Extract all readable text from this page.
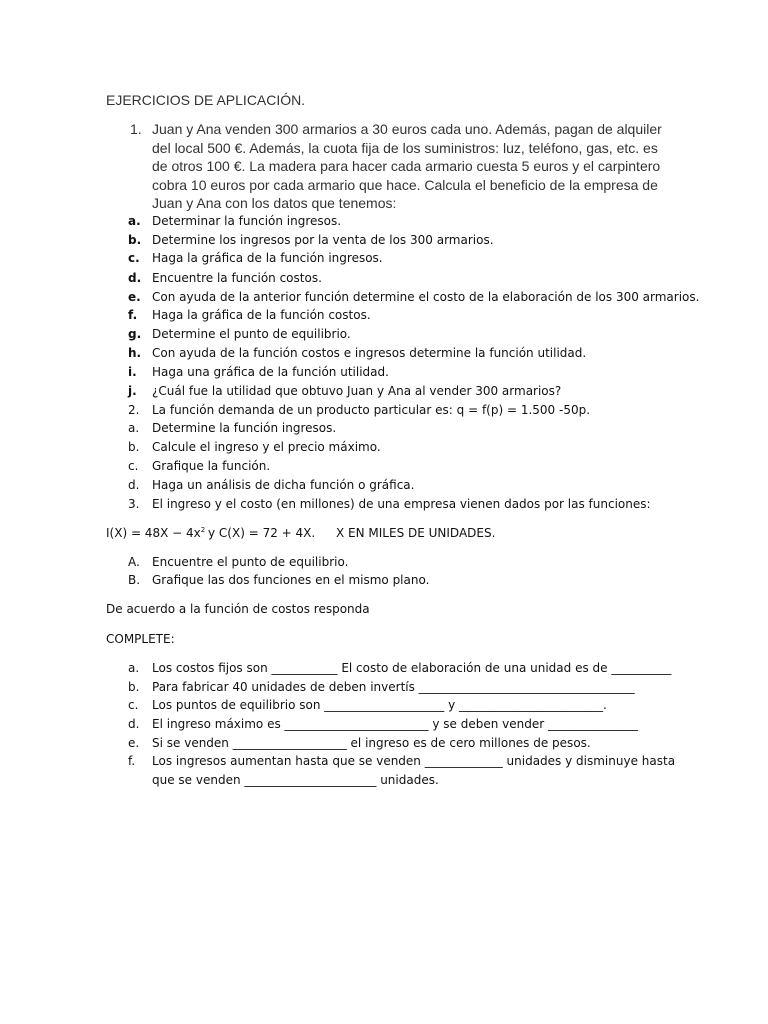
EJERCICIOS DE APLICACIÓN.
1. Juan y Ana venden 300 armarios a 30 euros cada uno. Además, pagan de alquiler del local 500 €. Además, la cuota fija de los suministros: luz, teléfono, gas, etc. es de otros 100 €. La madera para hacer cada armario cuesta 5 euros y el carpintero cobra 10 euros por cada armario que hace. Calcula el beneficio de la empresa de Juan y Ana con los datos que tenemos:
a. Determinar la función ingresos.
b. Determine los ingresos por la venta de los 300 armarios.
c. Haga la gráfica de la función ingresos.
d. Encuentre la función costos.
e. Con ayuda de la anterior función determine el costo de la elaboración de los 300 armarios.
f. Haga la gráfica de la función costos.
g. Determine el punto de equilibrio.
h. Con ayuda de la función costos e ingresos determine la función utilidad.
i. Haga una gráfica de la función utilidad.
j. ¿Cuál fue la utilidad que obtuvo Juan y Ana al vender 300 armarios?
2. La función demanda de un producto particular es: q = f(p) = 1.500 -50p.
a. Determine la función ingresos.
b. Calcule el ingreso y el precio máximo.
c. Grafique la función.
d. Haga un análisis de dicha función o gráfica.
3. El ingreso y el costo (en millones) de una empresa vienen dados por las funciones:
$I(X) = 48X - 4x^2$ y C(X) = 72 + 4X. X EN MILES DE UNIDADES.
A. Encuentre el punto de equilibrio.
B. Grafique las dos funciones en el mismo plano.
De acuerdo a la función de costos responda
COMPLETE:
a. Los costos fijos son ___________ El costo de elaboración de una unidad es de __________
b. Para fabricar 40 unidades de deben invertís ____________________________________
c. Los puntos de equilibrio son ____________________ y ________________________.
d. El ingreso máximo es ________________________ y se deben vender _______________
e. Si se venden ___________________ el ingreso es de cero millones de pesos.
f. Los ingresos aumentan hasta que se venden _____________ unidades y disminuye hasta
que se venden ______________________ unidades.
